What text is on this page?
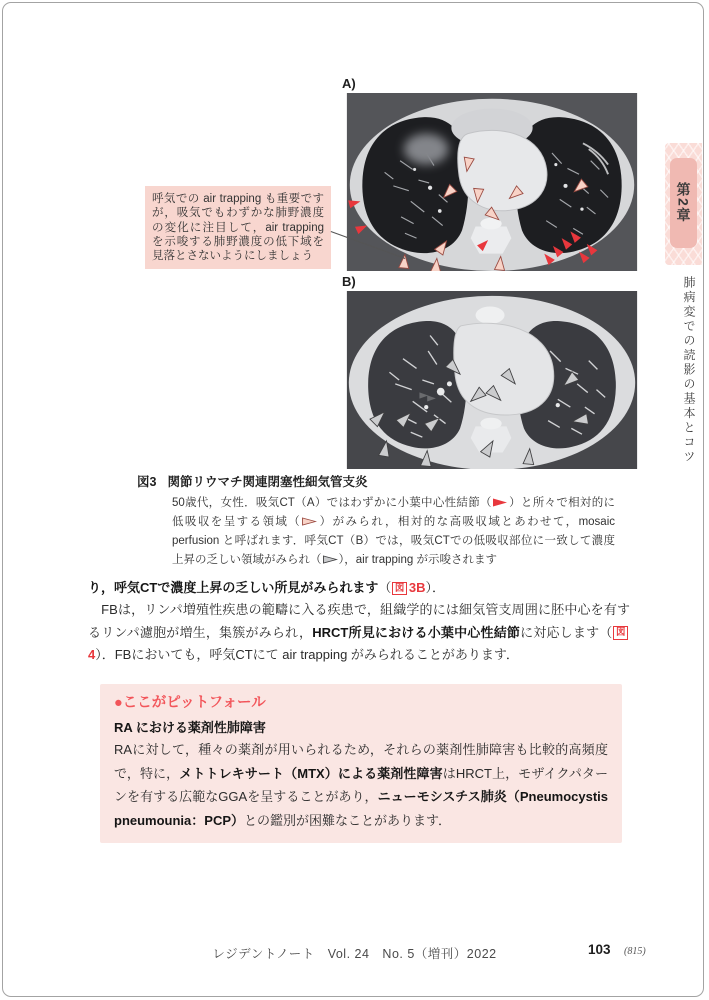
A)
呼気での air trapping も重要ですが，吸気でもわずかな肺野濃度の変化に注目して，air trapping を示唆する肺野濃度の低下域を見落とさないようにしましょう
B)
図3 関節リウマチ関連閉塞性細気管支炎

50歳代，女性．吸気CT（A）ではわずかに小葉中心性結節（ ）と所々で相対的に低吸収を呈する領域（ ）がみられ，相対的な高吸収域とあわせて，mosaic perfusion と呼ばれます．呼気CT（B）では，吸気CTでの低吸収部位に一致して濃度上昇の乏しい領域がみられ（ ），air trapping が示唆されます

り，呼気CTで濃度上昇の乏しい所見がみられます（ 図 3B）．

　FBは，リンパ増殖性疾患の範疇に入る疾患で，組織学的には細気管支周囲に胚中心を有するリンパ濾胞が増生，集簇がみられ，HRCT所見における小葉中心性結節に対応します（ 図4）．FBにおいても，呼気CTにて air trapping がみられることがあります．

●ここがピットフォール
RA における薬剤性肺障害

RAに対して，種々の薬剤が用いられるため，それらの薬剤性肺障害も比較的高頻度で，特に，メトトレキサート（MTX）による薬剤性障害はHRCT上，モザイクパターンを有する広範なGGAを呈することがあり，ニューモシスチス肺炎（Pneumocystis pneumounia：PCP）との鑑別が困難なことがあります．

レジデントノート　Vol. 24　No. 5（増刊）2022	103 (815)
第2章
肺病変での読影の基本とコツ
